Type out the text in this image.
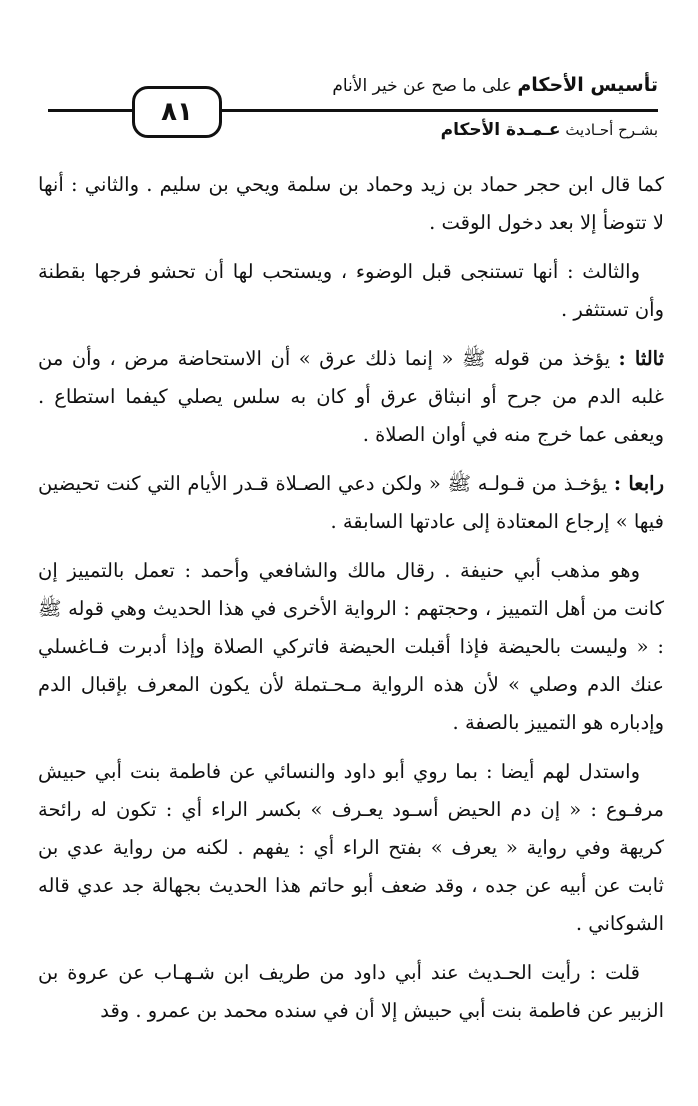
تأسيس الأحكام على ما صح عن خير الأنام
٨١
بشـرح أحـاديث عـمـدة الأحكام

كما قال ابن حجر حماد بن زيد وحماد بن سلمة ويحي بن سليم . والثاني : أنها لا تتوضأ إلا بعد دخول الوقت .

والثالث : أنها تستنجى قبل الوضوء ، ويستحب لها أن تحشو فرجها بقطنة وأن تستثفر .

ثالثا : يؤخذ من قوله ﷺ « إنما ذلك عرق » أن الاستحاضة مرض ، وأن من غلبه الدم من جرح أو انبثاق عرق أو كان به سلس يصلي كيفما استطاع . ويعفى عما خرج منه في أوان الصلاة .

رابعا : يؤخـذ من قـولـه ﷺ « ولكن دعي الصـلاة قـدر الأيام التي كنت تحيضين فيها » إرجاع المعتادة إلى عادتها السابقة .

وهو مذهب أبي حنيفة . رقال مالك والشافعي وأحمد : تعمل بالتمييز إن كانت من أهل التمييز ، وحجتهم : الرواية الأخرى في هذا الحديث وهي قوله ﷺ : « وليست بالحيضة فإذا أقبلت الحيضة فاتركي الصلاة وإذا أدبرت فـاغسلي عنك الدم وصلي » لأن هذه الرواية مـحـتملة لأن يكون المعرف بإقبال الدم وإدباره هو التمييز بالصفة .

واستدل لهم أيضا : بما روي أبو داود والنسائي عن فاطمة بنت أبي حبيش مرفـوع : « إن دم الحيض أسـود يعـرف » بكسر الراء أي : تكون له رائحة كريهة وفي رواية « يعرف » بفتح الراء أي : يفهم . لكنه من رواية عدي بن ثابت عن أبيه عن جده ، وقد ضعف أبو حاتم هذا الحديث بجهالة جد عدي قاله الشوكاني .

قلت : رأيت الحـديث عند أبي داود من طريف ابن شـهـاب عن عروة بن الزبير عن فاطمة بنت أبي حبيش إلا أن في سنده محمد بن عمرو . وقد
